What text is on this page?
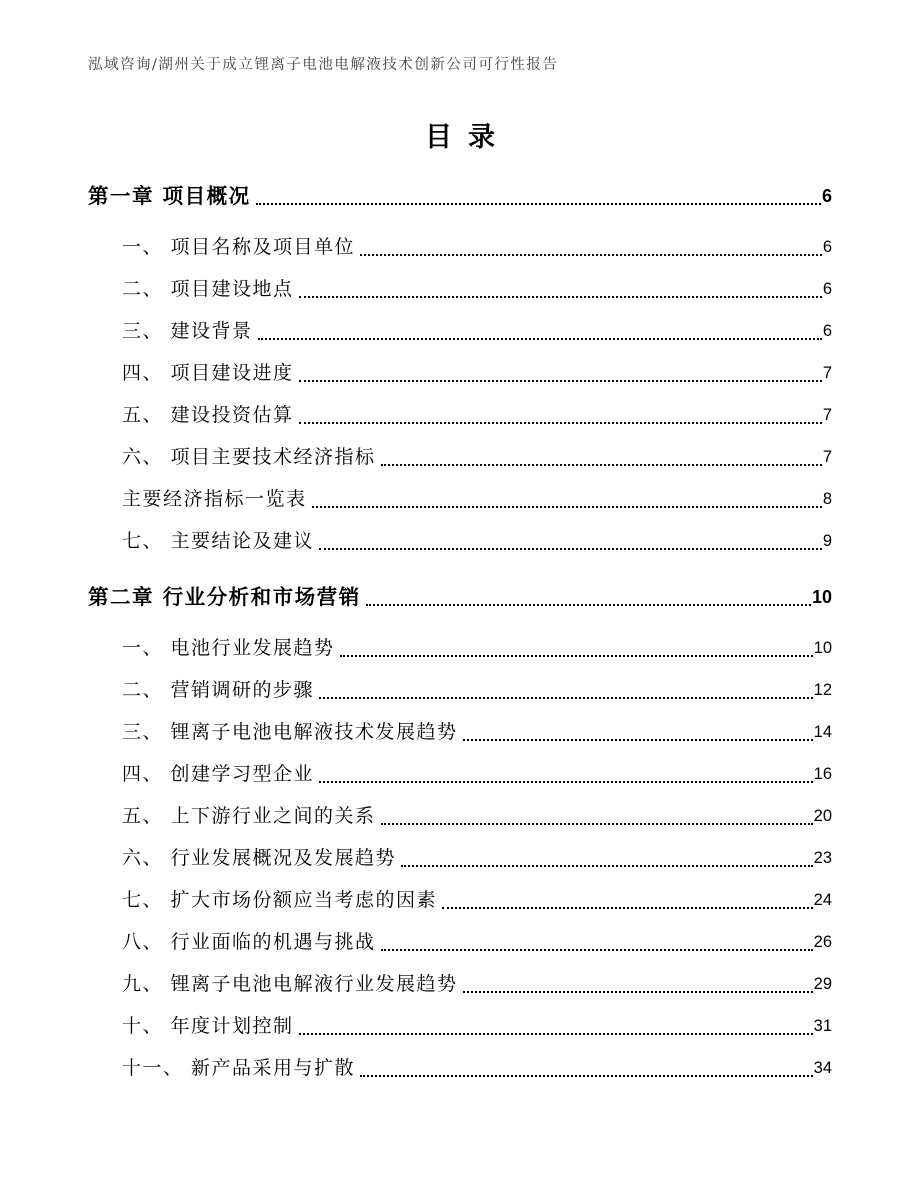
泓域咨询/湖州关于成立锂离子电池电解液技术创新公司可行性报告
目录
第一章 项目概况	6
一、 项目名称及项目单位	6
二、 项目建设地点	6
三、 建设背景	6
四、 项目建设进度	7
五、 建设投资估算	7
六、 项目主要技术经济指标	7
主要经济指标一览表	8
七、 主要结论及建议	9
第二章 行业分析和市场营销	10
一、 电池行业发展趋势	10
二、 营销调研的步骤	12
三、 锂离子电池电解液技术发展趋势	14
四、 创建学习型企业	16
五、 上下游行业之间的关系	20
六、 行业发展概况及发展趋势	23
七、 扩大市场份额应当考虑的因素	24
八、 行业面临的机遇与挑战	26
九、 锂离子电池电解液行业发展趋势	29
十、 年度计划控制	31
十一、 新产品采用与扩散	34
